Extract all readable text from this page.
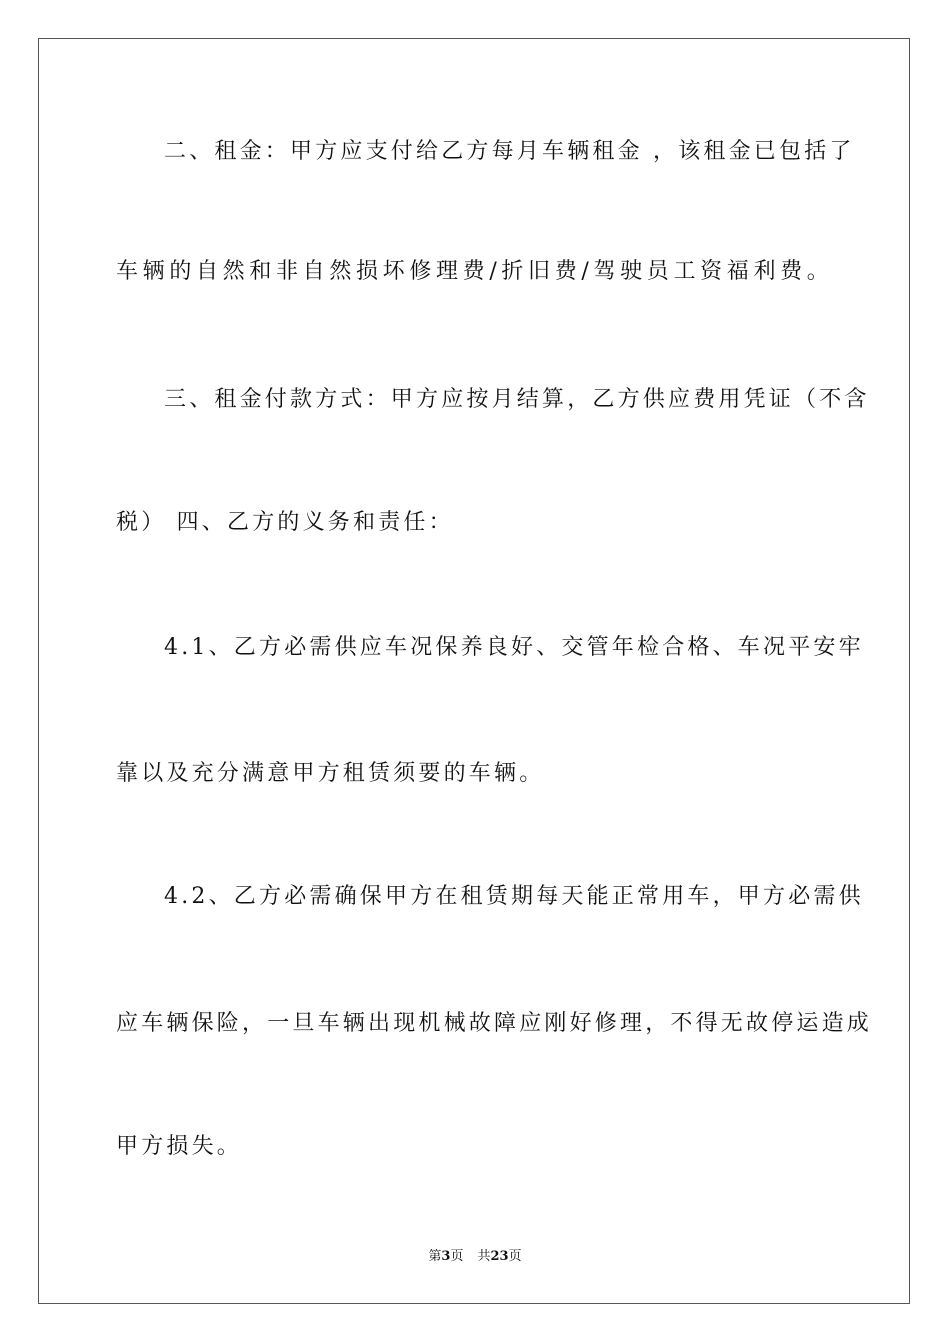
二、租金：甲方应支付给乙方每月车辆租金 ，该租金已包括了
车辆的自然和非自然损坏修理费/折旧费/驾驶员工资福利费。
三、租金付款方式：甲方应按月结算，乙方供应费用凭证（不含
税） 四、乙方的义务和责任：
4.1、乙方必需供应车况保养良好、交管年检合格、车况平安牢
靠以及充分满意甲方租赁须要的车辆。
4.2、乙方必需确保甲方在租赁期每天能正常用车，甲方必需供
应车辆保险，一旦车辆出现机械故障应刚好修理，不得无故停运造成
甲方损失。
第3页 共23页
